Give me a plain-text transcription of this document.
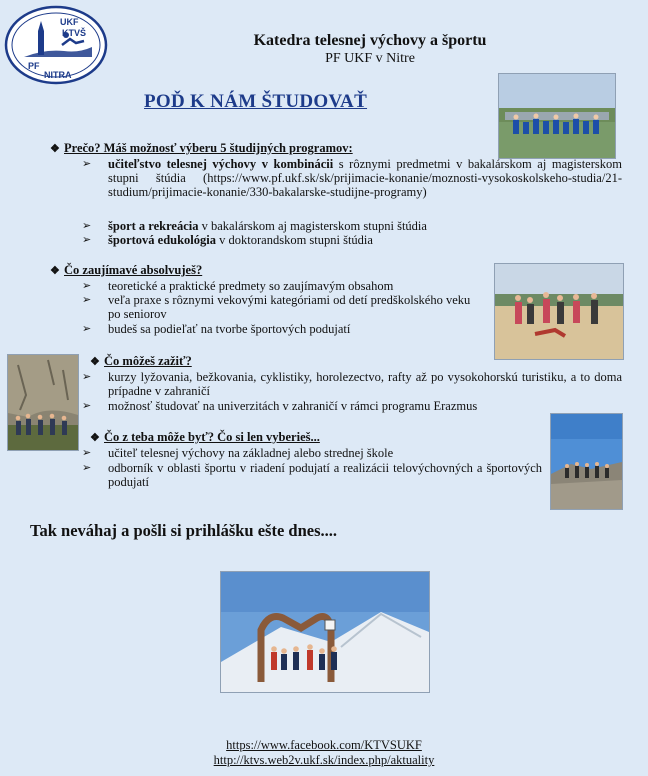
UKF
KTVŠ
PF
NITRA
Katedra telesnej výchovy a športu
PF UKF v Nitre
POĎ K NÁM ŠTUDOVAŤ
❖ Prečo? Máš možnosť výberu 5 študijných programov:
➢ učiteľstvo telesnej výchovy v kombinácii s rôznymi predmetmi v bakalárskom aj magisterskom stupni štúdia (https://www.pf.ukf.sk/sk/prijimacie-konanie/moznosti-vysokoskolskeho-studia/21-studium/prijimacie-konanie/330-bakalarske-studijne-programy)
➢ šport a rekreácia v bakalárskom aj magisterskom stupni štúdia
➢ športová edukológia v doktorandskom stupni štúdia
❖ Čo zaujímavé absolvuješ?
➢ teoretické a praktické predmety so zaujímavým obsahom
➢ veľa praxe s rôznymi vekovými kategóriami od detí predškolského veku po seniorov
➢ budeš sa podieľať na tvorbe športových podujatí
❖ Čo môžeš zažiť?
➢ kurzy lyžovania, bežkovania, cyklistiky, horolezectvo, rafty až po vysokohorskú turistiku, a to doma prípadne v zahraničí
➢ možnosť študovať na univerzitách v zahraničí v rámci programu Erazmus
❖ Čo z teba môže byť? Čo si len vyberieš...
➢ učiteľ telesnej výchovy na základnej alebo strednej škole
➢ odborník v oblasti športu v riadení podujatí a realizácii telovýchovných a športových podujatí
Tak neváhaj a pošli si prihlášku ešte dnes....
https://www.facebook.com/KTVSUKF
http://ktvs.web2v.ukf.sk/index.php/aktuality
